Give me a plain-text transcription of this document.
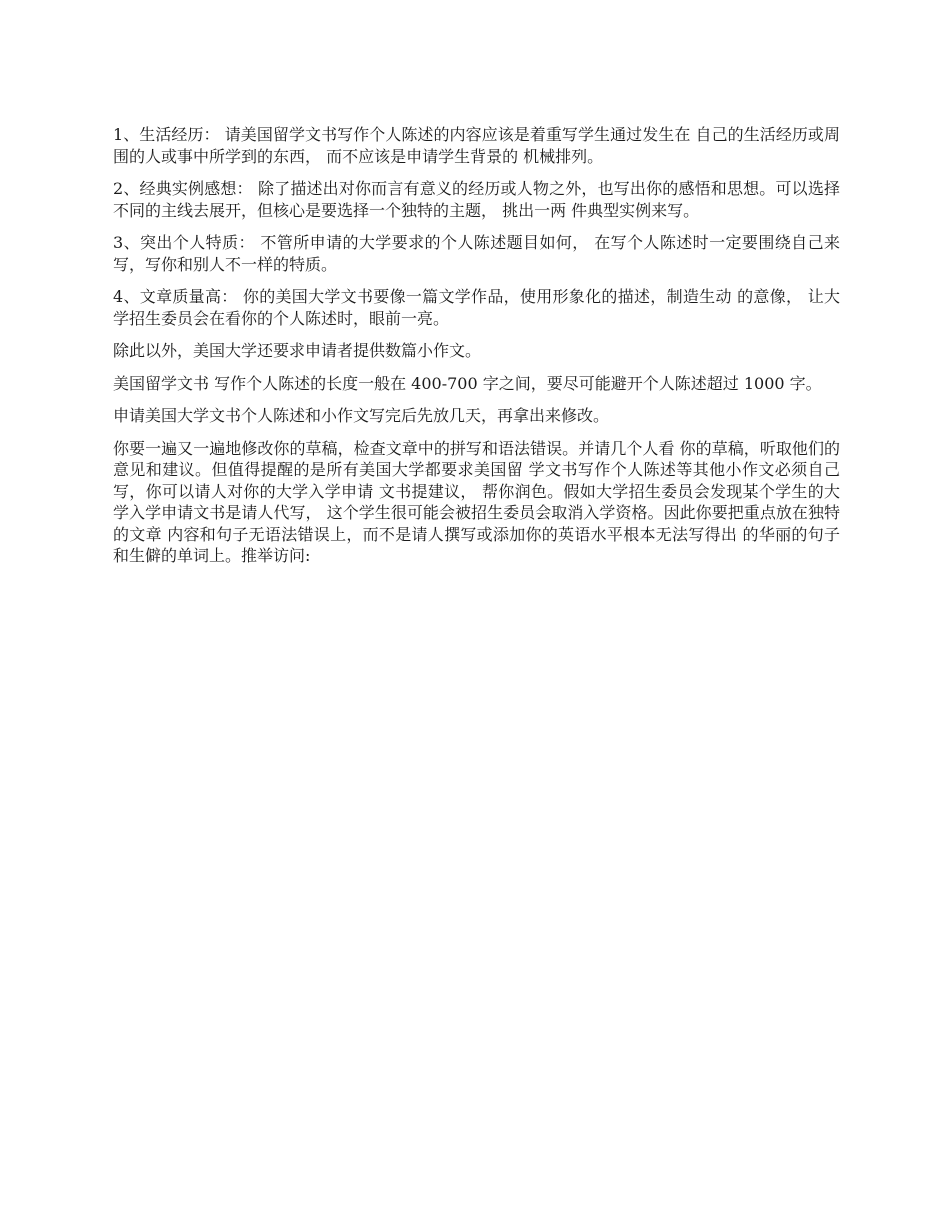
1、生活经历： 请美国留学文书写作个人陈述的内容应该是着重写学生通过发生在 自己的生活经历或周围的人或事中所学到的东西， 而不应该是申请学生背景的 机械排列。

2、经典实例感想： 除了描述出对你而言有意义的经历或人物之外，也写出你的感悟和思想。可以选择不同的主线去展开，但核心是要选择一个独特的主题， 挑出一两 件典型实例来写。

3、突出个人特质： 不管所申请的大学要求的个人陈述题目如何， 在写个人陈述时一定要围绕自己来写，写你和别人不一样的特质。

4、文章质量高： 你的美国大学文书要像一篇文学作品，使用形象化的描述，制造生动 的意像， 让大学招生委员会在看你的个人陈述时，眼前一亮。

除此以外，美国大学还要求申请者提供数篇小作文。

美国留学文书 写作个人陈述的长度一般在 400-700 字之间，要尽可能避开个人陈述超过 1000 字。

申请美国大学文书个人陈述和小作文写完后先放几天，再拿出来修改。

你要一遍又一遍地修改你的草稿，检查文章中的拼写和语法错误。并请几个人看 你的草稿，听取他们的意见和建议。但值得提醒的是所有美国大学都要求美国留 学文书写作个人陈述等其他小作文必须自己写，你可以请人对你的大学入学申请 文书提建议， 帮你润色。假如大学招生委员会发现某个学生的大学入学申请文书是请人代写， 这个学生很可能会被招生委员会取消入学资格。因此你要把重点放在独特的文章 内容和句子无语法错误上，而不是请人撰写或添加你的英语水平根本无法写得出 的华丽的句子和生僻的单词上。推举访问:
